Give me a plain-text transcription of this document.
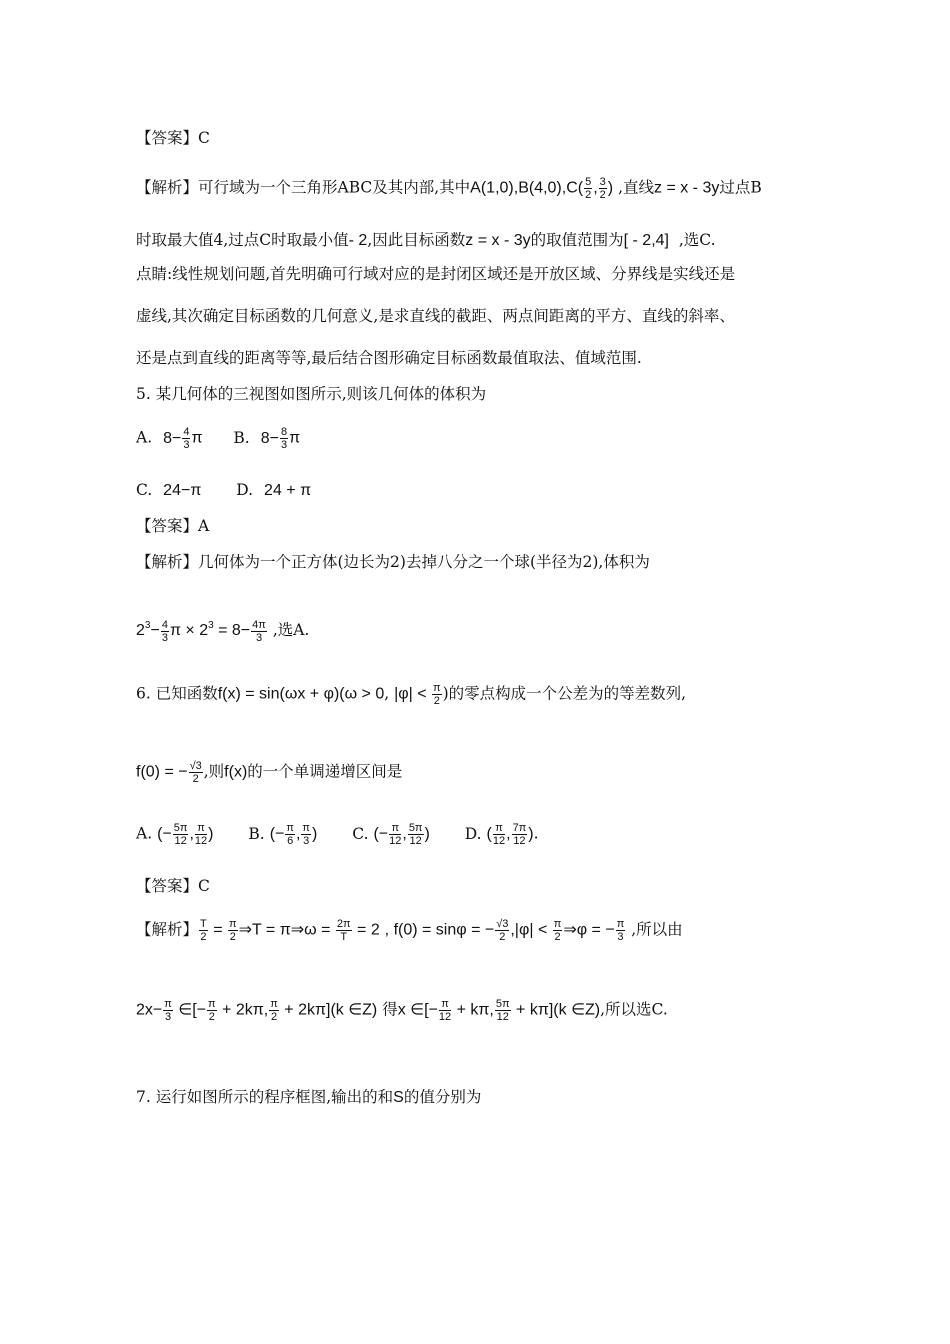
【答案】C
【解析】可行域为一个三角形ABC及其内部,其中$A(1,0),B(4,0),C( \frac{5}{2}$ , $\frac{3}{2}$ ) ,直线z = x - 3y过点B
时取最大值4,过点C时取最小值- 2,因此目标函数z = x - 3y的取值范围为[ - 2,4] ,选C.
点睛:线性规划问题,首先明确可行域对应的是封闭区域还是开放区域、分界线是实线还是
虚线,其次确定目标函数的几何意义,是求直线的截距、两点间距离的平方、直线的斜率、
还是点到直线的距离等等,最后结合图形确定目标函数最值取法、值域范围.
5. 某几何体的三视图如图所示,则该几何体的体积为
A. $8- \frac{4}{3}$ π B. $8- \frac{8}{3}$ π
C. 24−π D. 24 + π
【答案】A
【解析】几何体为一个正方体(边长为2)去掉八分之一个球(半径为2),体积为
$2^3- \frac{4}{3}$ $\pi \times 2^3 = 8- \frac{4\pi}{3}$ ,选A.
6. 已知函数f(x) = sin(ωx + φ)(ω > 0, $|\varphi| < \frac{\pi}{2}$ )的零点构成一个公差为的等差数列,
f(0) = − $\frac{√3}{2}$ ,则f(x)的一个单调递增区间是
A. (− $\frac{5\pi}{12}$ , $\frac{\pi}{12}$ ) B. (− $\frac{\pi}{6}$ , $\frac{\pi}{3}$ ) C. (− $\frac{\pi}{12}$ , $\frac{5\pi}{12}$ ) D. ( $\frac{\pi}{12}$ , $\frac{7\pi}{12}$ ).
【答案】C
【解析】 $\frac{T}{2} = \frac{\pi}{2}$ ⇒T = π⇒ω = $\frac{2\pi}{T} = 2$ , f(0) = sinφ = − $\frac{√3}{2} ,|\varphi| < \frac{\pi}{2}$ ⇒φ = − $\frac{\pi}{3}$ ,所以由
$2x- \frac{\pi}{3}$ ∈[− $\frac{\pi}{2} + 2k\pi$, $\frac{\pi}{2} + 2k\pi](k$ ∈Z) 得x ∈[− $\frac{\pi}{12} + k\pi$, $\frac{5\pi}{12} + k\pi](k$ ∈Z),所以选C.
7. 运行如图所示的程序框图,输出的和S的值分别为
